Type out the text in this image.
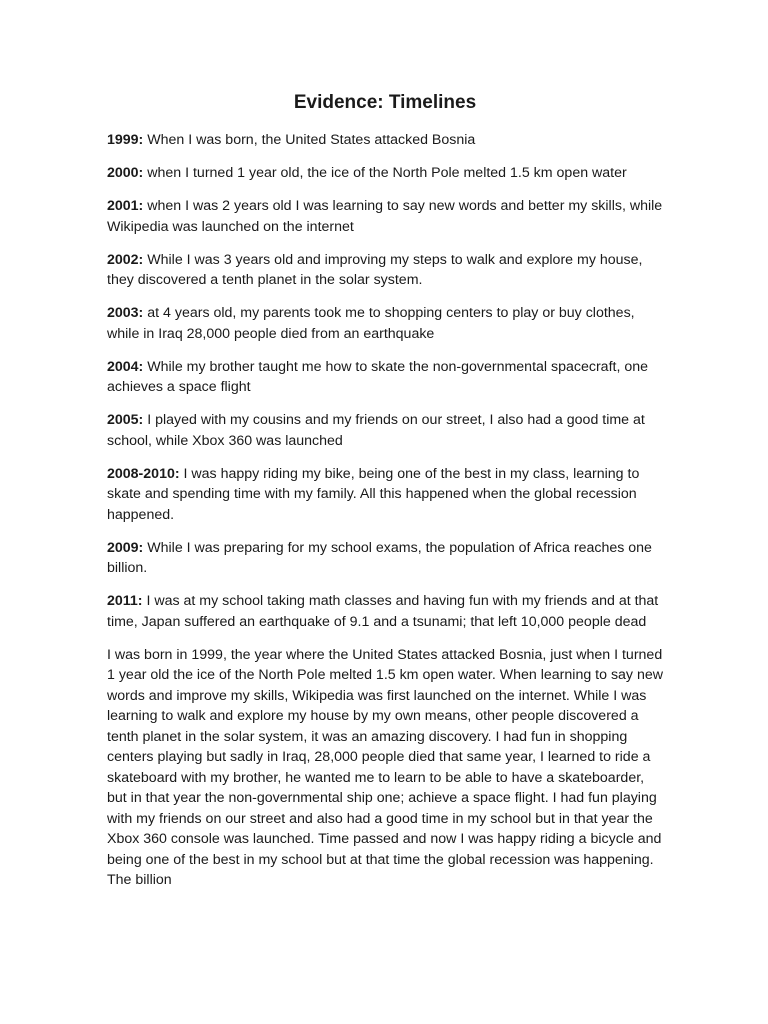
Evidence: Timelines

1999: When I was born, the United States attacked Bosnia

2000: when I turned 1 year old, the ice of the North Pole melted 1.5 km open water

2001: when I was 2 years old I was learning to say new words and better my skills, while Wikipedia was launched on the internet

2002: While I was 3 years old and improving my steps to walk and explore my house, they discovered a tenth planet in the solar system.

2003: at 4 years old, my parents took me to shopping centers to play or buy clothes, while in Iraq 28,000 people died from an earthquake

2004: While my brother taught me how to skate the non-governmental spacecraft, one achieves a space flight

2005: I played with my cousins and my friends on our street, I also had a good time at school, while Xbox 360 was launched

2008-2010: I was happy riding my bike, being one of the best in my class, learning to skate and spending time with my family. All this happened when the global recession happened.

2009: While I was preparing for my school exams, the population of Africa reaches one billion.

2011: I was at my school taking math classes and having fun with my friends and at that time, Japan suffered an earthquake of 9.1 and a tsunami; that left 10,000 people dead

I was born in 1999, the year where the United States attacked Bosnia, just when I turned 1 year old the ice of the North Pole melted 1.5 km open water. When learning to say new words and improve my skills, Wikipedia was first launched on the internet. While I was learning to walk and explore my house by my own means, other people discovered a tenth planet in the solar system, it was an amazing discovery. I had fun in shopping centers playing but sadly in Iraq, 28,000 people died that same year, I learned to ride a skateboard with my brother, he wanted me to learn to be able to have a skateboarder, but in that year the non-governmental ship one; achieve a space flight. I had fun playing with my friends on our street and also had a good time in my school but in that year the Xbox 360 console was launched. Time passed and now I was happy riding a bicycle and being one of the best in my school but at that time the global recession was happening. The billion
